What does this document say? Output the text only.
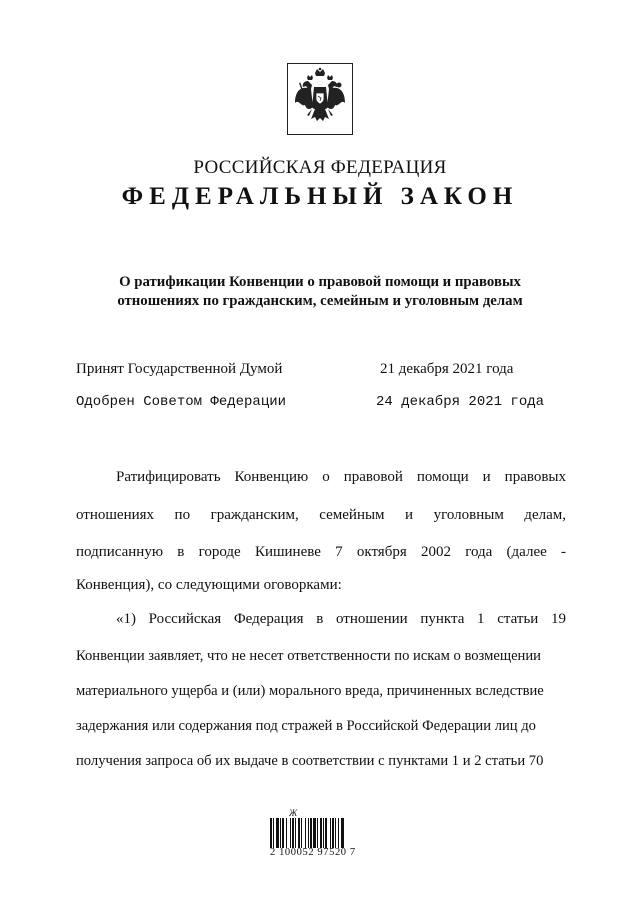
РОССИЙСКАЯ ФЕДЕРАЦИЯ
ФЕДЕРАЛЬНЫЙ ЗАКОН
О ратификации Конвенции о правовой помощи и правовых
отношениях по гражданским, семейным и уголовным делам
Принят Государственной Думой	21 декабря 2021 года
Одобрен Советом Федерации	24 декабря 2021 года
Ратифицировать Конвенцию о правовой помощи и правовых
отношениях по гражданским, семейным и уголовным делам,
подписанную в городе Кишиневе 7 октября 2002 года (далее -
Конвенция), со следующими оговорками:
«1) Российская Федерация в отношении пункта 1 статьи 19
Конвенции заявляет, что не несет ответственности по искам о возмещении
материального ущерба и (или) морального вреда, причиненных вследствие
задержания или содержания под стражей в Российской Федерации лиц до
получения запроса об их выдаче в соответствии с пунктами 1 и 2 статьи 70
Ж
2 100052 97520 7
